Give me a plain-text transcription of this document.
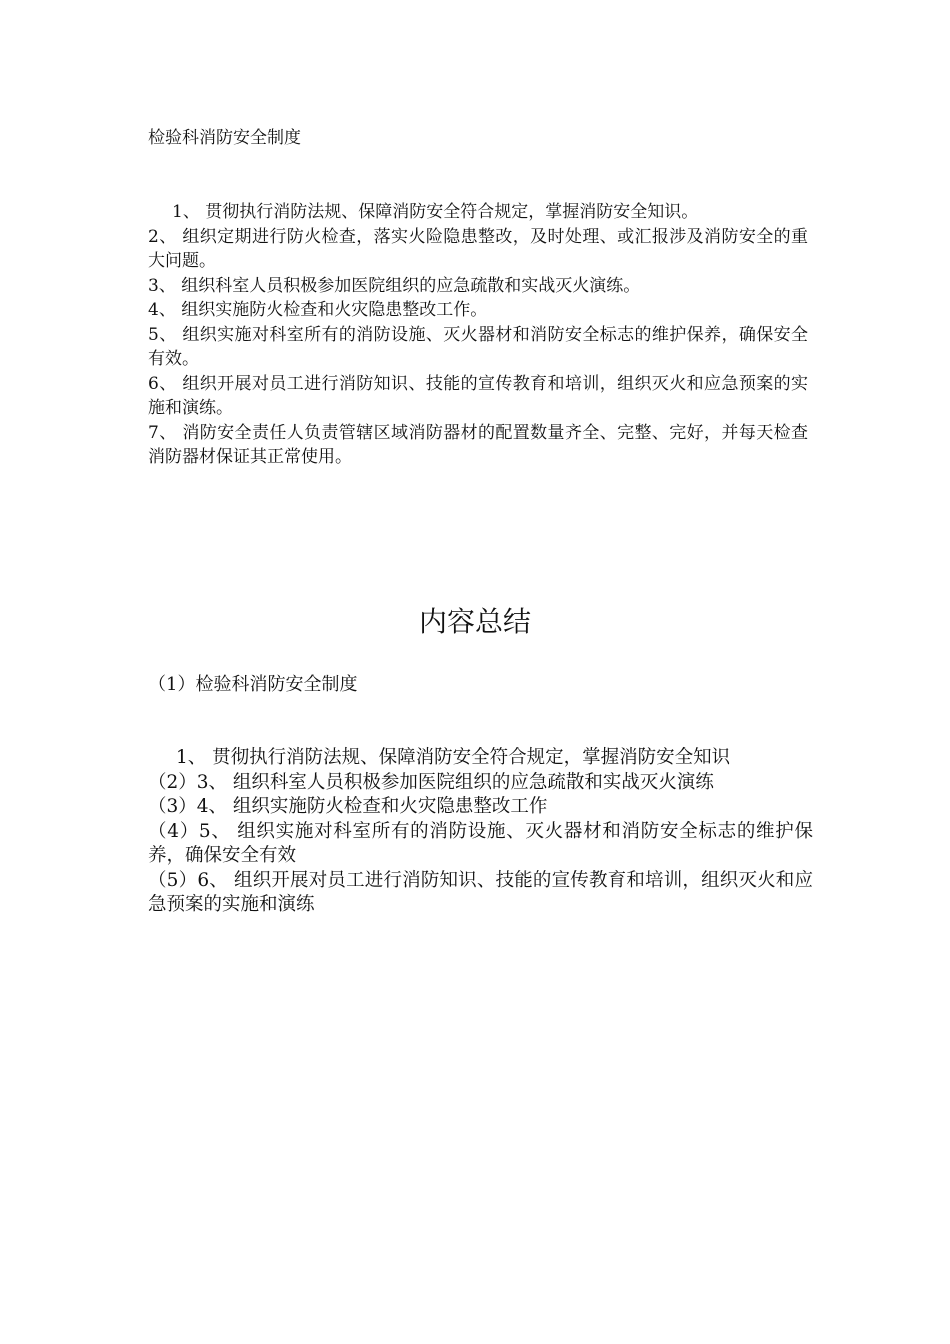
检验科消防安全制度

1、 贯彻执行消防法规、保障消防安全符合规定，掌握消防安全知识。

2、 组织定期进行防火检查，落实火险隐患整改，及时处理、或汇报涉及消防安全的重大问题。

3、 组织科室人员积极参加医院组织的应急疏散和实战灭火演练。

4、 组织实施防火检查和火灾隐患整改工作。

5、 组织实施对科室所有的消防设施、灭火器材和消防安全标志的维护保养，确保安全有效。

6、 组织开展对员工进行消防知识、技能的宣传教育和培训，组织灭火和应急预案的实施和演练。

7、 消防安全责任人负责管辖区域消防器材的配置数量齐全、完整、完好，并每天检查消防器材保证其正常使用。

内容总结

（1）检验科消防安全制度

1、 贯彻执行消防法规、保障消防安全符合规定，掌握消防安全知识

（2）3、 组织科室人员积极参加医院组织的应急疏散和实战灭火演练

（3）4、 组织实施防火检查和火灾隐患整改工作

（4）5、 组织实施对科室所有的消防设施、灭火器材和消防安全标志的维护保养，确保安全有效

（5）6、 组织开展对员工进行消防知识、技能的宣传教育和培训，组织灭火和应急预案的实施和演练
